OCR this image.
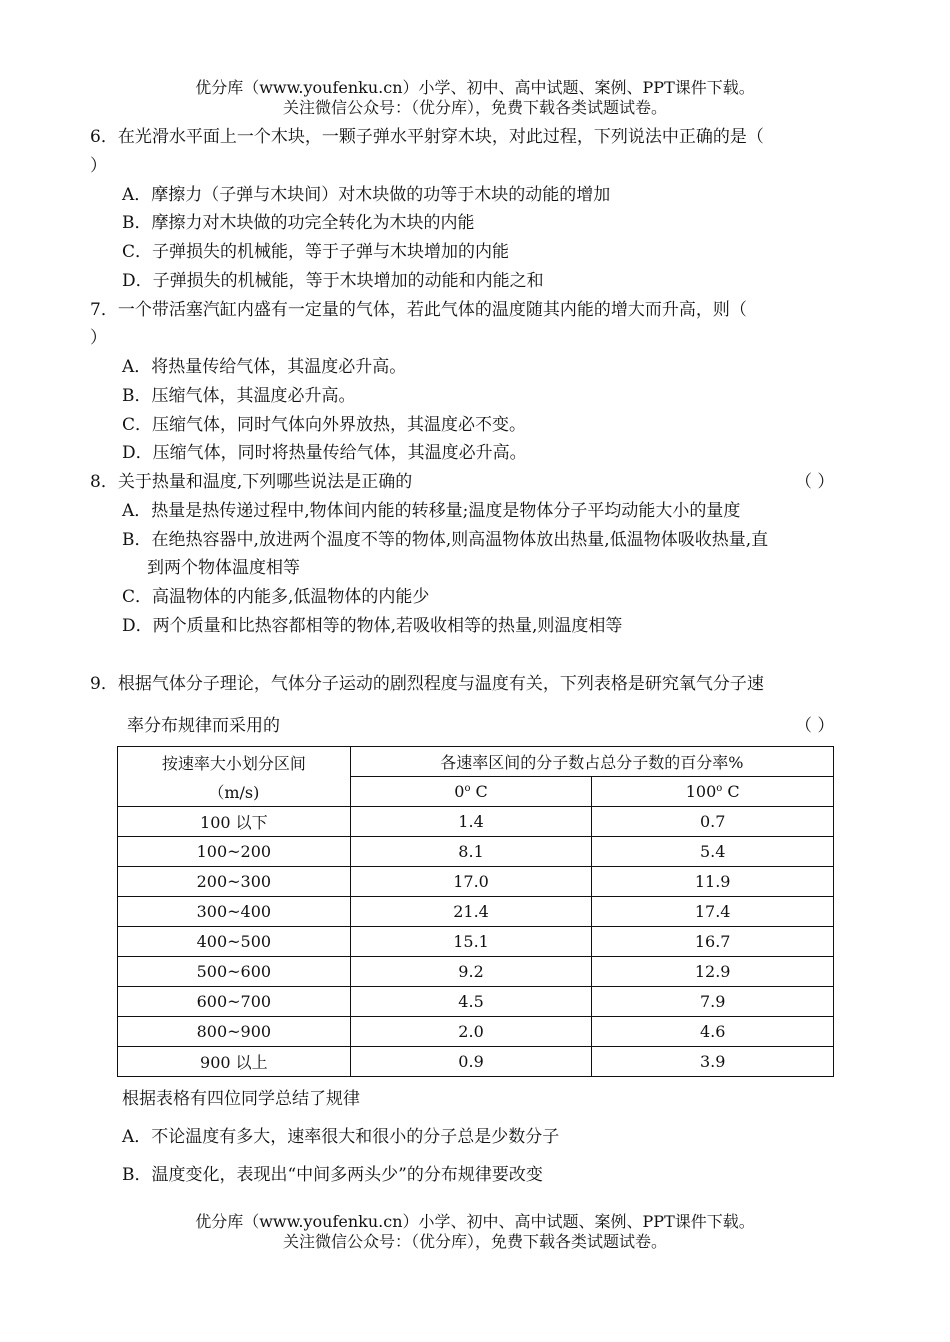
优分库（www.youfenku.cn）小学、初中、高中试题、案例、PPT课件下载。
关注微信公众号：（优分库），免费下载各类试题试卷。
6．在光滑水平面上一个木块，一颗子弹水平射穿木块，对此过程，下列说法中正确的是（
）
A．摩擦力（子弹与木块间）对木块做的功等于木块的动能的增加
B．摩擦力对木块做的功完全转化为木块的内能
C．子弹损失的机械能，等于子弹与木块增加的内能
D．子弹损失的机械能，等于木块增加的动能和内能之和
7．一个带活塞汽缸内盛有一定量的气体，若此气体的温度随其内能的增大而升高，则（
）
A．将热量传给气体，其温度必升高。
B．压缩气体，其温度必升高。
C．压缩气体，同时气体向外界放热，其温度必不变。
D．压缩气体，同时将热量传给气体，其温度必升高。
8．关于热量和温度,下列哪些说法是正确的	（ ）
A．热量是热传递过程中,物体间内能的转移量;温度是物体分子平均动能大小的量度
B．在绝热容器中,放进两个温度不等的物体,则高温物体放出热量,低温物体吸收热量,直
到两个物体温度相等
C．高温物体的内能多,低温物体的内能少
D．两个质量和比热容都相等的物体,若吸收相等的热量,则温度相等
9．根据气体分子理论，气体分子运动的剧烈程度与温度有关，下列表格是研究氧气分子速
率分布规律而采用的	（ ）
按速率大小划分区间
（m/s)	各速率区间的分子数占总分子数的百分率%	
	0$^o$ C	100$^o$ C
100 以下	1.4	0.7
100~200	8.1	5.4
200~300	17.0	11.9
300~400	21.4	17.4
400~500	15.1	16.7
500~600	9.2	12.9
600~700	4.5	7.9
800~900	2.0	4.6
900 以上	0.9	3.9
根据表格有四位同学总结了规律
A．不论温度有多大，速率很大和很小的分子总是少数分子
B．温度变化，表现出“中间多两头少”的分布规律要改变
优分库（www.youfenku.cn）小学、初中、高中试题、案例、PPT课件下载。
关注微信公众号：（优分库），免费下载各类试题试卷。
